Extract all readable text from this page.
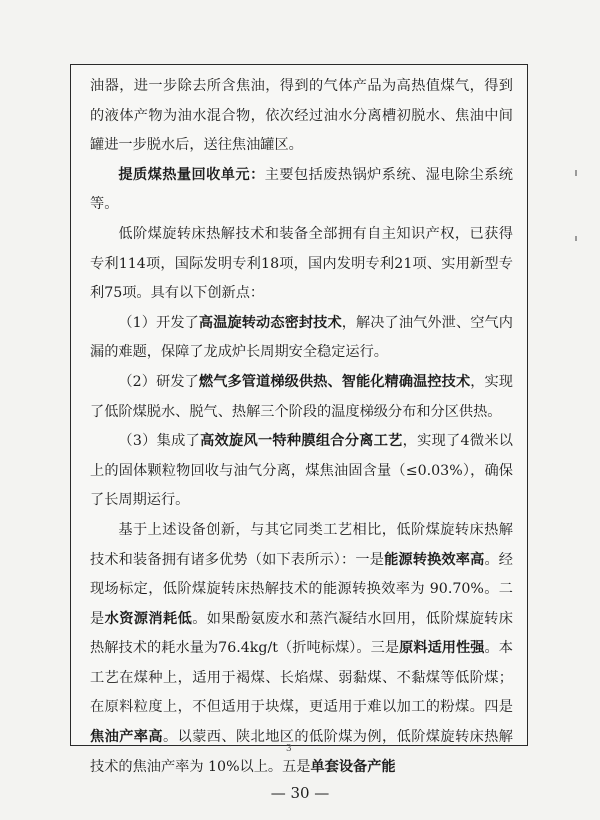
油器，进一步除去所含焦油，得到的气体产品为高热值煤气，得到的液体产物为油水混合物，依次经过油水分离槽初脱水、焦油中间罐进一步脱水后，送往焦油罐区。

提质煤热量回收单元：主要包括废热锅炉系统、湿电除尘系统等。

低阶煤旋转床热解技术和装备全部拥有自主知识产权，已获得专利114项，国际发明专利18项，国内发明专利21项、实用新型专利75项。具有以下创新点：

（1）开发了高温旋转动态密封技术，解决了油气外泄、空气内漏的难题，保障了龙成炉长周期安全稳定运行。

（2）研发了燃气多管道梯级供热、智能化精确温控技术，实现了低阶煤脱水、脱气、热解三个阶段的温度梯级分布和分区供热。

（3）集成了高效旋风一特种膜组合分离工艺，实现了4微米以上的固体颗粒物回收与油气分离，煤焦油固含量（≤0.03%），确保了长周期运行。

基于上述设备创新，与其它同类工艺相比，低阶煤旋转床热解技术和装备拥有诸多优势（如下表所示）：一是能源转换效率高。经现场标定，低阶煤旋转床热解技术的能源转换效率为 90.70%。二是水资源消耗低。如果酚氨废水和蒸汽凝结水回用，低阶煤旋转床热解技术的耗水量为76.4kg/t（折吨标煤）。三是原料适用性强。本工艺在煤种上，适用于褐煤、长焰煤、弱黏煤、不黏煤等低阶煤；在原料粒度上，不但适用于块煤，更适用于难以加工的粉煤。四是焦油产率高。以蒙西、陕北地区的低阶煤为例，低阶煤旋转床热解技术的焦油产率为 10%以上。五是单套设备产能

3
— 30 —
